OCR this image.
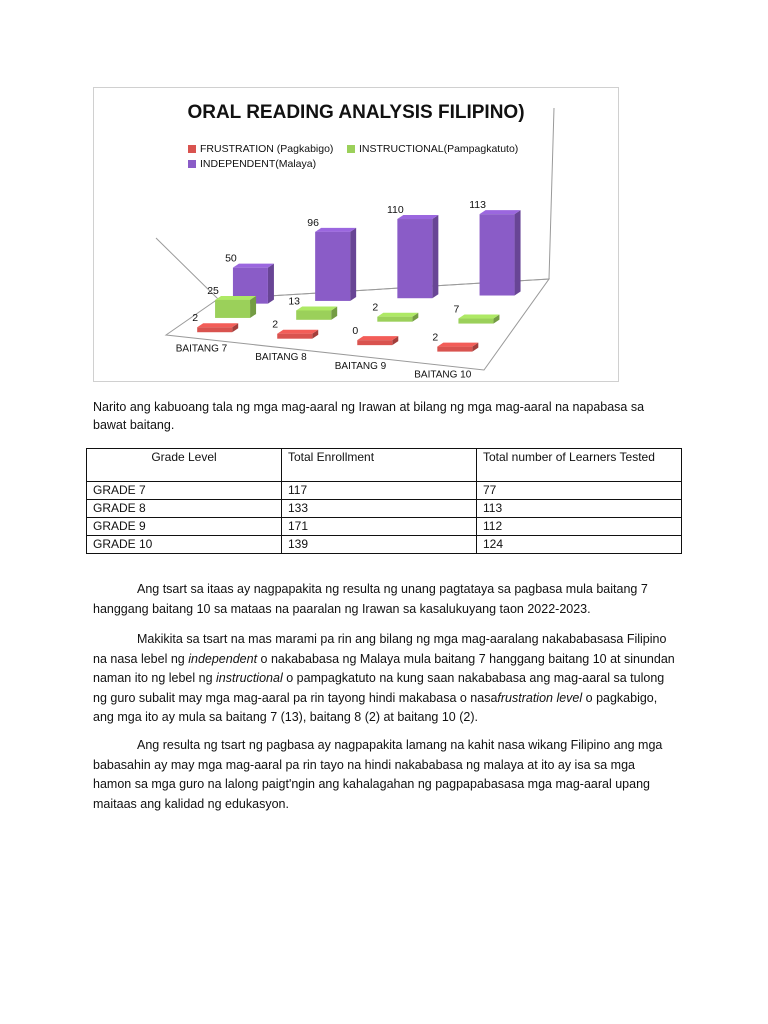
50
96
110	113
25
13
2	7
2
2
0
2
BAITANG 7
BAITANG 8
BAITANG 9
BAITANG 10
ORAL READING ANALYSIS FILIPINO)
FRUSTRATION (Pagkabigo) INSTRUCTIONAL(Pampagkatuto)
INDEPENDENT(Malaya)
Narito ang kabuoang tala ng mga mag-aaral ng Irawan at bilang ng mga mag-aaral na napabasa sa bawat baitang.
Grade Level	Total Enrollment	Total number of Learners Tested
GRADE 7	117	77
GRADE 8	133	113
GRADE 9	171	112
GRADE 10	139	124

Ang tsart sa itaas ay nagpapakita ng resulta ng unang pagtataya sa pagbasa mula baitang 7 hanggang baitang 10 sa mataas na paaralan ng Irawan sa kasalukuyang taon 2022-2023.

Makikita sa tsart na mas marami pa rin ang bilang ng mga mag-aaralang nakababasasa Filipino na nasa lebel ng independent o nakababasa ng Malaya mula baitang 7 hanggang baitang 10 at sinundan naman ito ng lebel ng instructional o pampagkatuto na kung saan nakababasa ang mag-aaral sa tulong ng guro subalit may mga mag-aaral pa rin tayong hindi makabasa o nasafrustration level o pagkabigo, ang mga ito ay mula sa baitang 7 (13), baitang 8 (2) at baitang 10 (2).

Ang resulta ng tsart ng pagbasa ay nagpapakita lamang na kahit nasa wikang Filipino ang mga babasahin ay may mga mag-aaral pa rin tayo na hindi nakababasa ng malaya at ito ay isa sa mga hamon sa mga guro na lalong paigt'ngin ang kahalagahan ng pagpapabasasa mga mag-aaral upang maitaas ang kalidad ng edukasyon.
